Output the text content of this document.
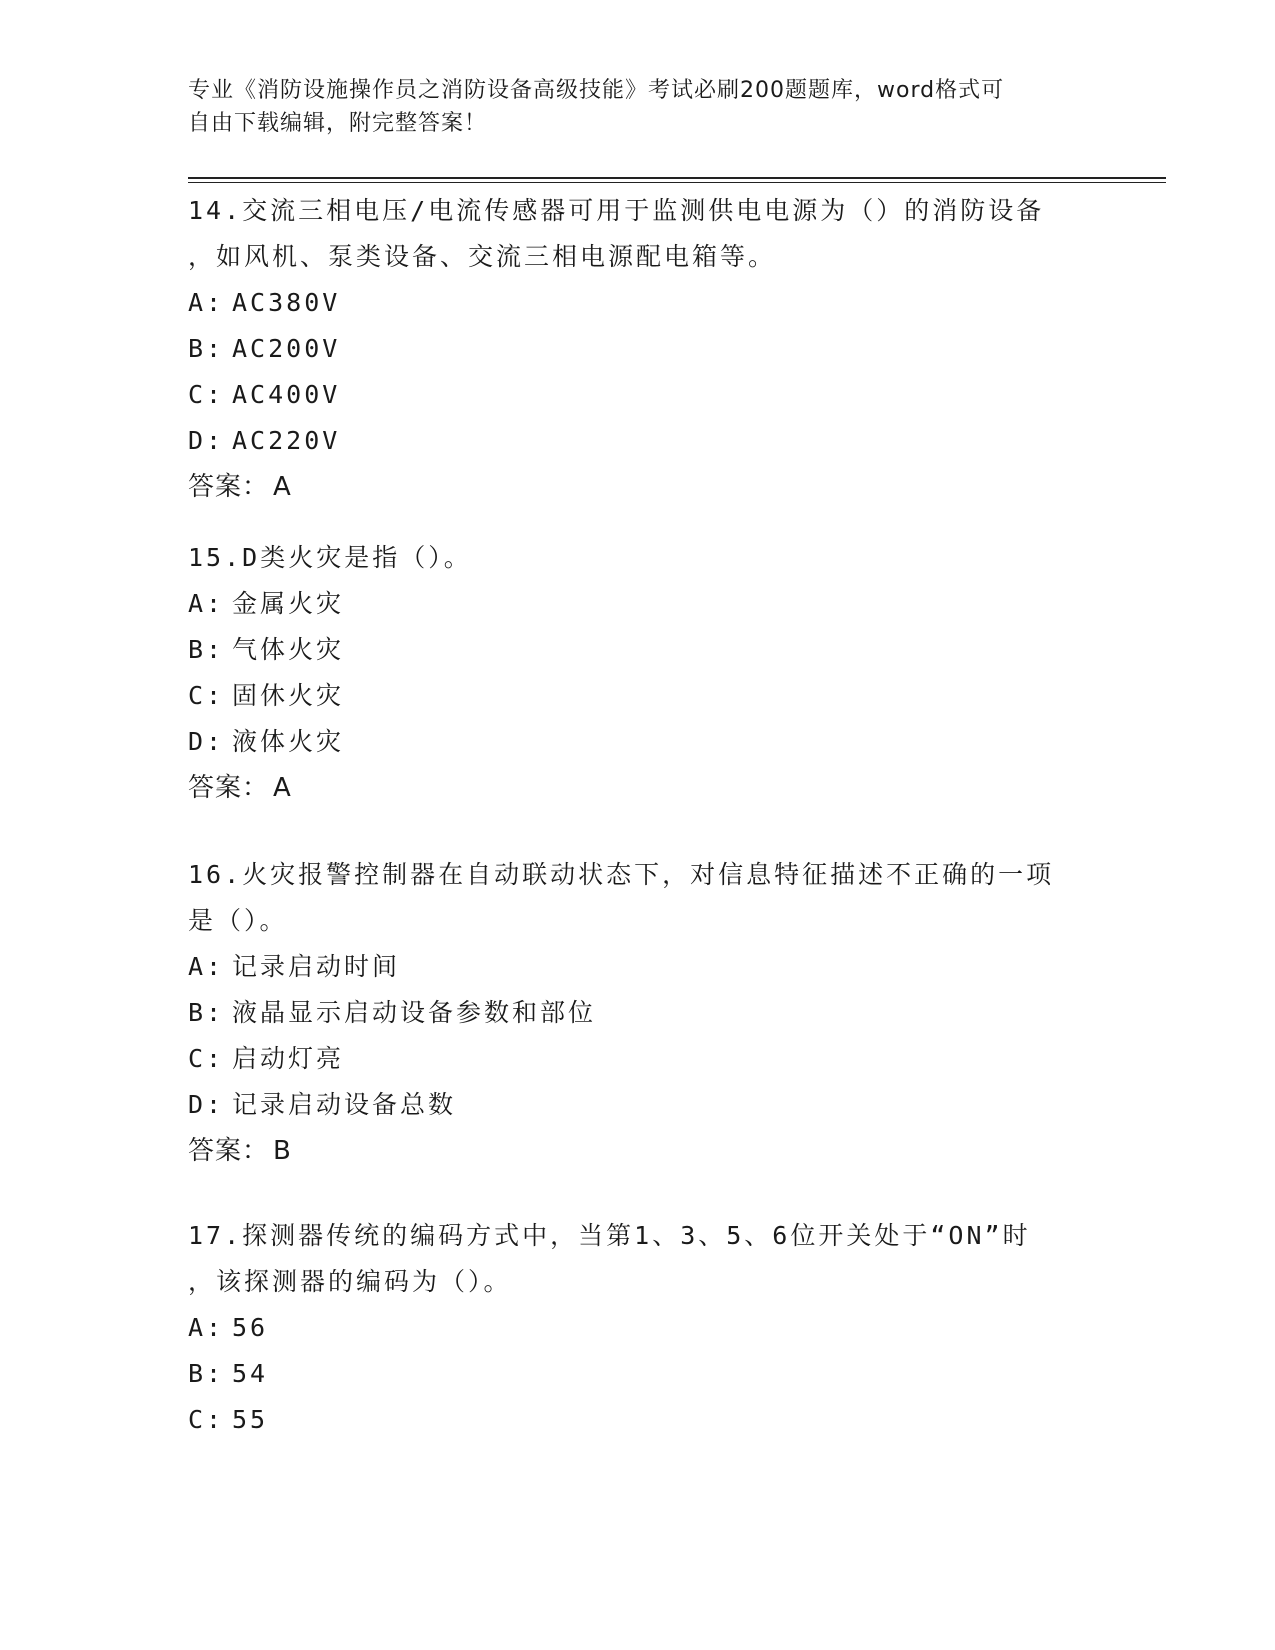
专业《消防设施操作员之消防设备高级技能》考试必刷200题题库，word格式可
自由下载编辑，附完整答案！
14.交流三相电压/电流传感器可用于监测供电电源为（）的消防设备
，如风机、泵类设备、交流三相电源配电箱等。
A: AC380V
B: AC200V
C: AC400V
D: AC220V
答案： A
15.D类火灾是指（）。
A: 金属火灾
B: 气体火灾
C: 固休火灾
D: 液体火灾
答案： A
16.火灾报警控制器在自动联动状态下，对信息特征描述不正确的一项
是（）。
A: 记录启动时间
B: 液晶显示启动设备参数和部位
C: 启动灯亮
D: 记录启动设备总数
答案： B
17.探测器传统的编码方式中，当第1、3、5、6位开关处于“ON”时
，该探测器的编码为（）。
A: 56
B: 54
C: 55
